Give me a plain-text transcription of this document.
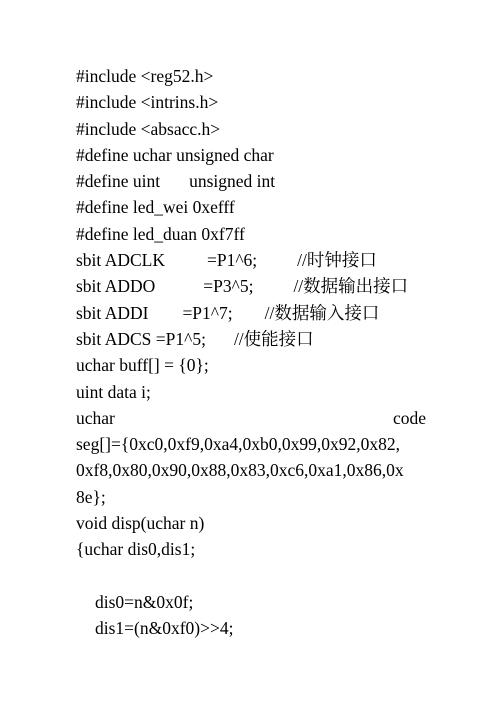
#include <reg52.h>
#include <intrins.h>
#include <absacc.h>
#define uchar unsigned char
#define uint unsigned int
#define led_wei 0xefff
#define led_duan 0xf7ff
sbit ADCLK =P1^6; //时钟接口
sbit ADDO	=P3^5; //数据输出接口
sbit ADDI =P1^7; //数据输入接口
sbit ADCS =P1^5; //使能接口
uchar buff[] = {0};
uint data i;
uchar	code
seg[]={0xc0,0xf9,0xa4,0xb0,0x99,0x92,0x82,
0xf8,0x80,0x90,0x88,0x83,0xc6,0xa1,0x86,0x
8e};
void disp(uchar n)
{uchar dis0,dis1;
dis0=n&0x0f;
dis1=(n&0xf0)>>4;
